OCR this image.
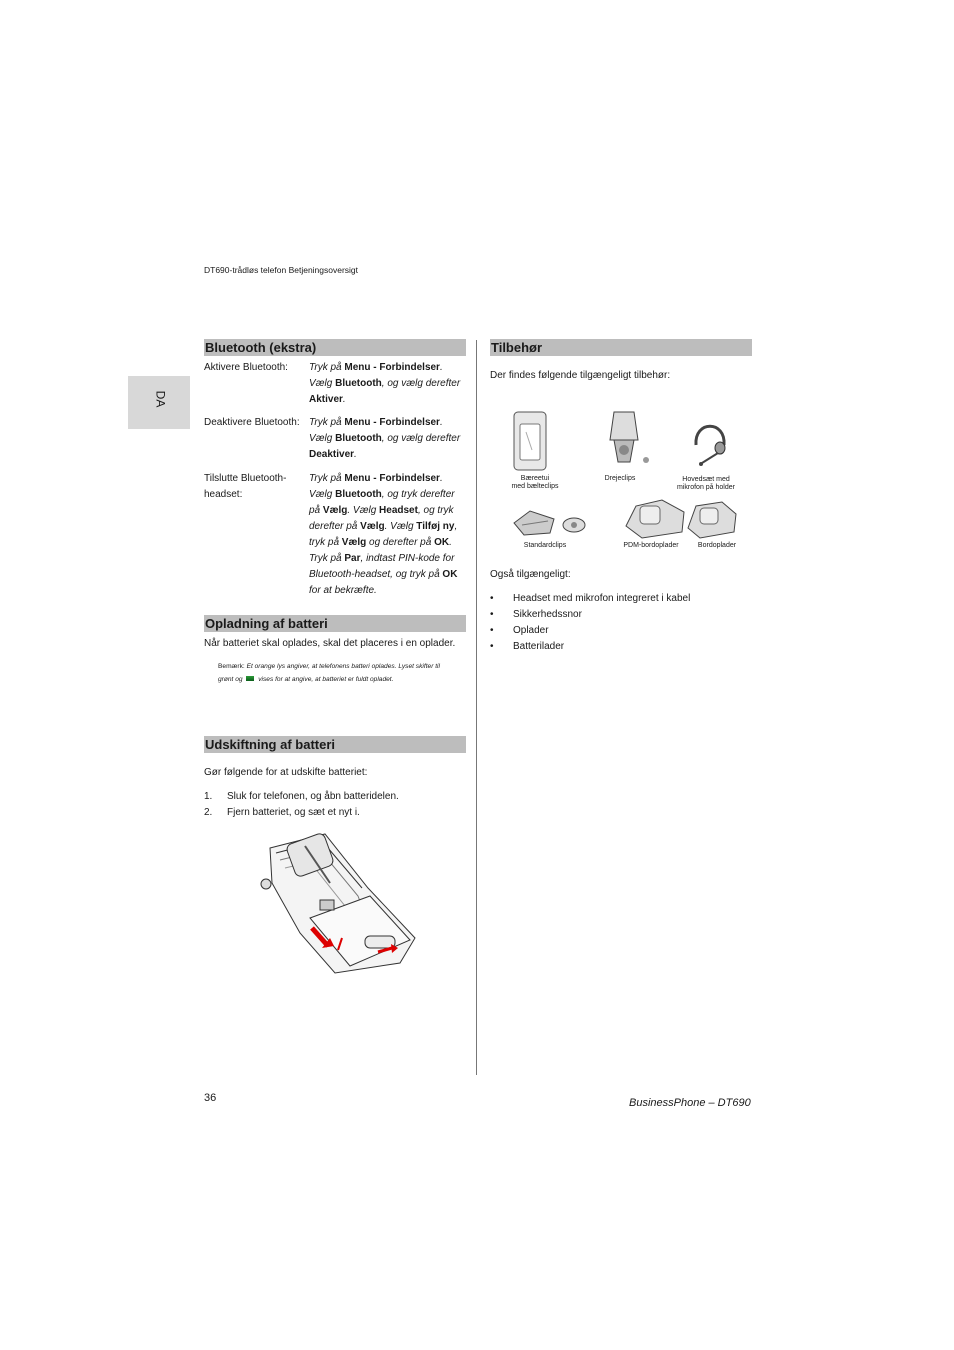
DT690-trådløs telefon Betjeningsoversigt
DA
Bluetooth (ekstra)
Aktivere Bluetooth:	Tryk på Menu - Forbindelser.
Vælg Bluetooth, og vælg derefter
Aktiver.
Deaktivere Bluetooth: Tryk på Menu - Forbindelser.
Vælg Bluetooth, og vælg derefter
Deaktiver.
Tilslutte Bluetooth-
headset:
Tryk på Menu - Forbindelser.
Vælg Bluetooth, og tryk derefter
på Vælg. Vælg Headset, og tryk
derefter på Vælg. Vælg Tilføj ny,
tryk på Vælg og derefter på OK.
Tryk på Par, indtast PIN-kode for
Bluetooth-headset, og tryk på OK
for at bekræfte.
Opladning af batteri
Når batteriet skal oplades, skal det placeres i en oplader.
Bemærk: Et orange lys angiver, at telefonens batteri oplades. Lyset skifter til
grønt og  vises for at angive, at batteriet er fuldt opladet.
Udskiftning af batteri
Gør følgende for at udskifte batteriet:
1. Sluk for telefonen, og åbn batteridelen.
2. Fjern batteriet, og sæt et nyt i.
Tilbehør
Der findes følgende tilgængeligt tilbehør:
Bæreetui
med bælteclips
Drejeclips	Hovedsæt med
mikrofon på holder
Standardclips	PDM-bordoplader	Bordoplader
Også tilgængeligt:
• Headset med mikrofon integreret i kabel
• Sikkerhedssnor
• Oplader
• Batterilader
36	BusinessPhone – DT690
